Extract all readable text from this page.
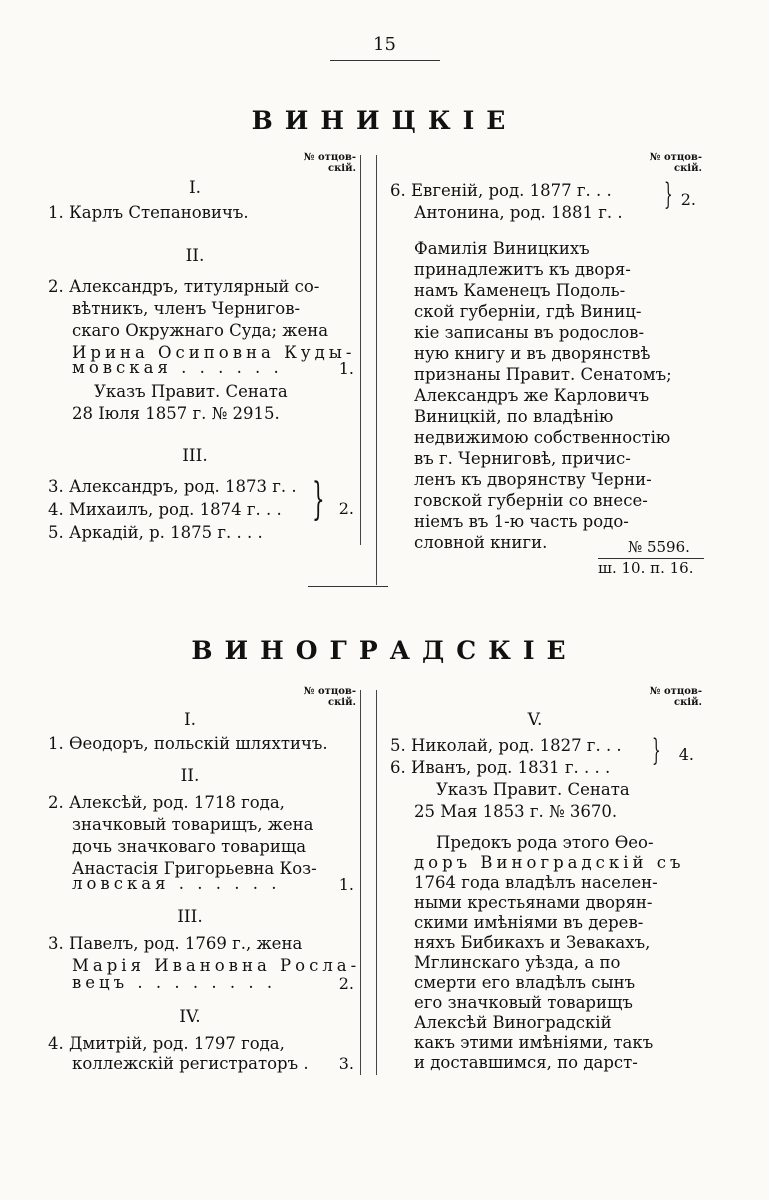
15
ВИНИЦКІЕ
№ отцов-
скій.
№ отцов-
скій.
I.
1. Карлъ Степановичъ.
II.
2. Александръ, титулярный со-
вѣтникъ, членъ Чернигов-
скаго Окружнаго Суда; жена
Ирина Осиповна Куды-
мовская . . . . . .	1.
Указъ Правит. Сената
28 Іюля 1857 г. № 2915.
III.
3. Александръ, род. 1873 г. .
4. Михаилъ, род. 1874 г. . .
5. Аркадій, р. 1875 г. . . .
} 2.
6. Евгеній, род. 1877 г. . .
Антонина, род. 1881 г. .
} 2.
Фамилія Виницкихъ
принадлежитъ къ дворя-
намъ Каменецъ Подоль-
ской губерніи, гдѣ Виниц-
кіе записаны въ родослов-
ную книгу и въ дворянствѣ
признаны Правит. Сенатомъ;
Александръ же Карловичъ
Виницкій, по владѣнію
недвижимою собственностію
въ г. Черниговѣ, причис-
ленъ къ дворянству Черни-
говской губерніи со внесе-
ніемъ въ 1-ю часть родо-
словной книги.	№ 5596.
ш. 10. п. 16.
ВИНОГРАДСКІЕ
№ отцов-
скій.
№ отцов-
скій.
I.
1. Ѳеодоръ, польскій шляхтичъ.
II.
2. Алексѣй, род. 1718 года,
значковый товарищъ, жена
дочь значковаго товарища
Анастасія Григорьевна Коз-
ловская . . . . . .	1.
III.
3. Павелъ, род. 1769 г., жена
Марія Ивановна Росла-
вецъ . . . . . . . .	2.
IV.
4. Дмитрій, род. 1797 года,
коллежскій регистраторъ .	3.
V.
5. Николай, род. 1827 г. . .
6. Иванъ, род. 1831 г. . . . }	4.
Указъ Правит. Сената
25 Мая 1853 г. № 3670.
Предокъ рода этого Ѳео-
доръ Виноградскій съ
1764 года владѣлъ населен-
ными крестьянами дворян-
скими имѣніями въ дерев-
няхъ Бибикахъ и Зевакахъ,
Мглинскаго уѣзда, а по
смерти его владѣлъ сынъ
его значковый товарищъ
Алексѣй Виноградскій
какъ этими имѣніями, такъ
и доставшимся, по дарст-
